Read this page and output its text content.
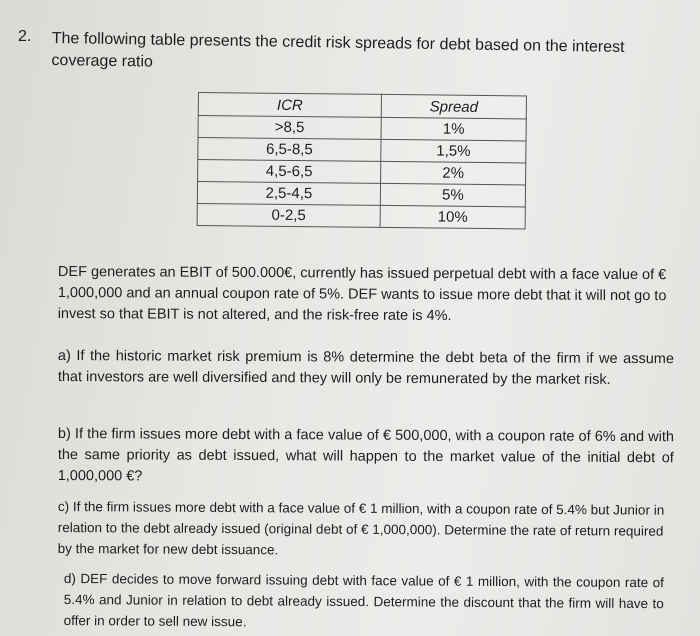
2. The following table presents the credit risk spreads for debt based on the interest coverage ratio
ICR	Spread
>8,5	1%
6,5-8,5	1,5%
4,5-6,5	2%
2,5-4,5	5%
0-2,5	10%
DEF generates an EBIT of 500.000€, currently has issued perpetual debt with a face value of € 1,000,000 and an annual coupon rate of 5%. DEF wants to issue more debt that it will not go to invest so that EBIT is not altered, and the risk-free rate is 4%.
a) If the historic market risk premium is 8% determine the debt beta of the firm if we assume that investors are well diversified and they will only be remunerated by the market risk.
b) If the firm issues more debt with a face value of € 500,000, with a coupon rate of 6% and with the same priority as debt issued, what will happen to the market value of the initial debt of 1,000,000 €?
c) If the firm issues more debt with a face value of € 1 million, with a coupon rate of 5.4% but Junior in relation to the debt already issued (original debt of € 1,000,000). Determine the rate of return required by the market for new debt issuance.
d) DEF decides to move forward issuing debt with face value of € 1 million, with the coupon rate of 5.4% and Junior in relation to debt already issued. Determine the discount that the firm will have to offer in order to sell new issue.
